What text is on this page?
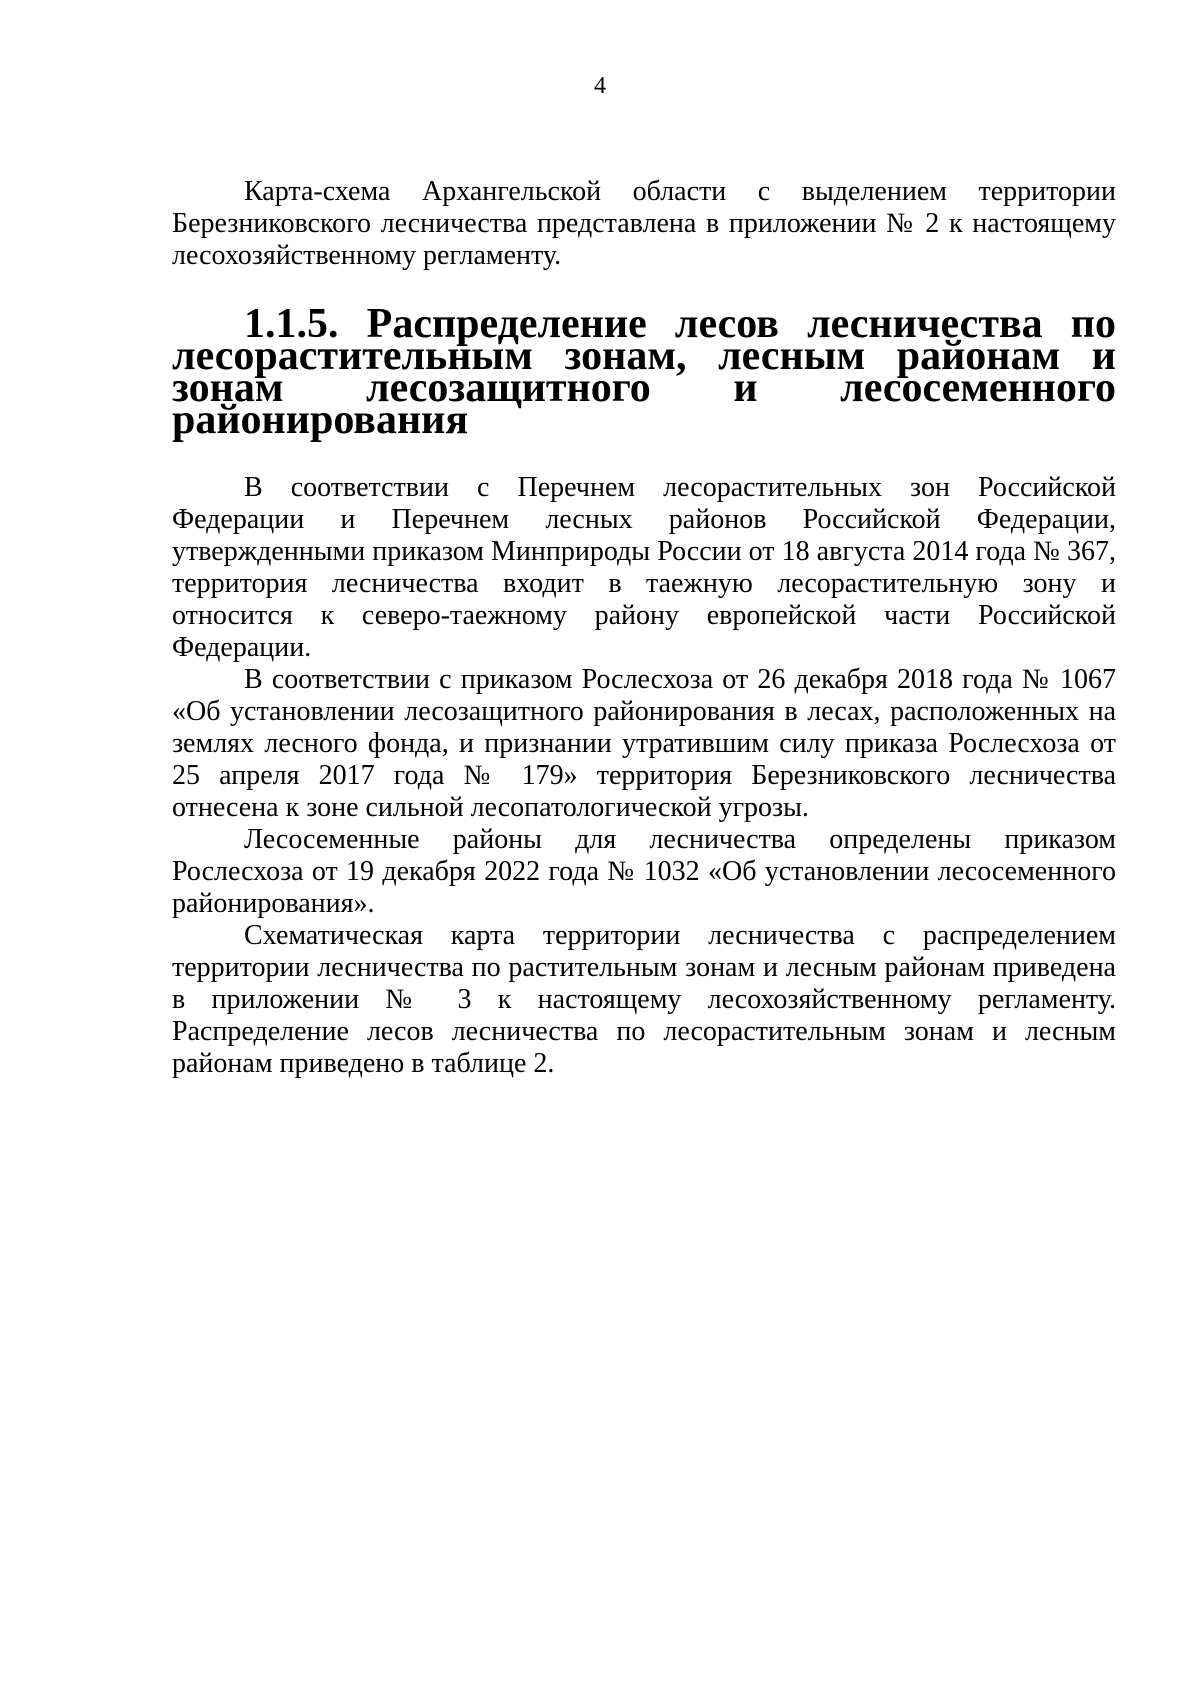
4

Карта-схема Архангельской области с выделением территории Березниковского лесничества представлена в приложении № 2 к настоящему лесохозяйственному регламенту.

1.1.5. Распределение лесов лесничества по лесорастительным зонам, лесным районам и зонам лесозащитного и лесосеменного районирования

В соответствии с Перечнем лесорастительных зон Российской Федерации и Перечнем лесных районов Российской Федерации, утвержденными приказом Минприроды России от 18 августа 2014 года № 367, территория лесничества входит в таежную лесорастительную зону и относится к северо-таежному району европейской части Российской Федерации.

В соответствии с приказом Рослесхоза от 26 декабря 2018 года № 1067 «Об установлении лесозащитного районирования в лесах, расположенных на землях лесного фонда, и признании утратившим силу приказа Рослесхоза от 25 апреля 2017 года № 179» территория Березниковского лесничества отнесена к зоне сильной лесопатологической угрозы.

Лесосеменные районы для лесничества определены приказом Рослесхоза от 19 декабря 2022 года № 1032 «Об установлении лесосеменного районирования».

Схематическая карта территории лесничества с распределением территории лесничества по растительным зонам и лесным районам приведена в приложении № 3 к настоящему лесохозяйственному регламенту. Распределение лесов лесничества по лесорастительным зонам и лесным районам приведено в таблице 2.
